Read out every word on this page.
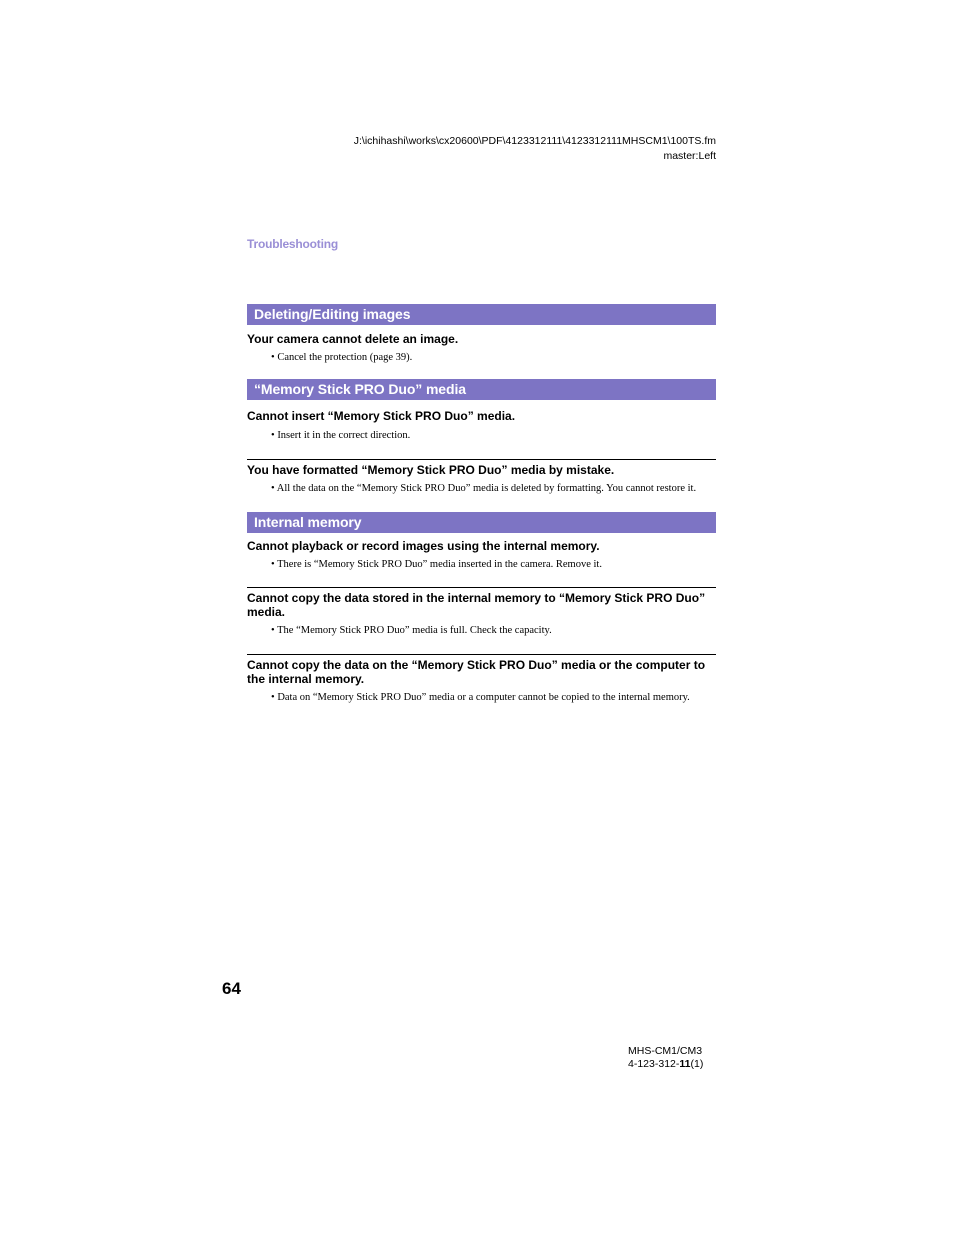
J:\ichihashi\works\cx20600\PDF\4123312111\4123312111MHSCM1\100TS.fm
master:Left
Troubleshooting
Deleting/Editing images
Your camera cannot delete an image.
• Cancel the protection (page 39).
“Memory Stick PRO Duo” media
Cannot insert “Memory Stick PRO Duo” media.
• Insert it in the correct direction.
You have formatted “Memory Stick PRO Duo” media by mistake.
• All the data on the “Memory Stick PRO Duo” media is deleted by formatting. You cannot restore it.
Internal memory
Cannot playback or record images using the internal memory.
• There is “Memory Stick PRO Duo” media inserted in the camera. Remove it.
Cannot copy the data stored in the internal memory to “Memory Stick PRO Duo” media.
• The “Memory Stick PRO Duo” media is full. Check the capacity.
Cannot copy the data on the “Memory Stick PRO Duo” media or the computer to the internal memory.
• Data on “Memory Stick PRO Duo” media or a computer cannot be copied to the internal memory.
64
MHS-CM1/CM3
4-123-312-11(1)
